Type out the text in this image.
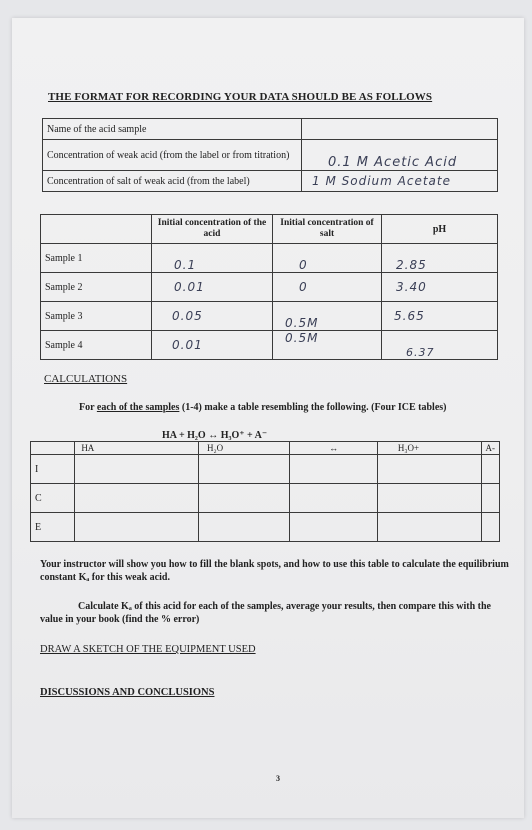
THE FORMAT FOR RECORDING YOUR DATA SHOULD BE AS FOLLOWS
Name of the acid sample	
Concentration of weak acid (from the label or from titration)	0.1 M Acetic Acid
Concentration of salt of weak acid (from the label)	1 M Sodium Acetate
	Initial concentration of the acid	Initial concentration of salt	pH
Sample 1	0.1	0	2.85
Sample 2	0.01	0	3.40
Sample 3	0.05	0.5M	5.65
Sample 4	0.01	0.5M	6.37
CALCULATIONS
For each of the samples (1-4) make a table resembling the following. (Four ICE tables)
HA + H₂O ↔ H₃O⁺ + A⁻
	HA	H₂O	↔	H₃O+	A-
I					
C					
E					
Your instructor will show you how to fill the blank spots, and how to use this table to calculate the equilibrium constant Kₐ for this weak acid.
Calculate Kₐ of this acid for each of the samples, average your results, then compare this with the value in your book (find the % error)
DRAW A SKETCH OF THE EQUIPMENT USED
DISCUSSIONS AND CONCLUSIONS
3
